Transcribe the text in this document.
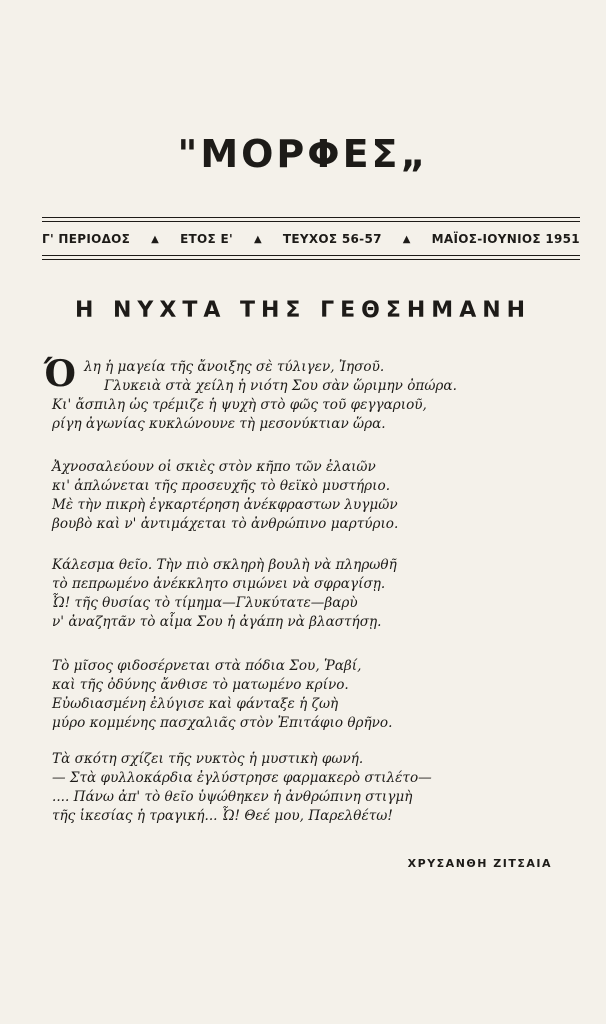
"ΜΟΡΦΕΣ„
Γ' ΠΕΡΙΟΔΟΣ ▲ ΕΤΟΣ Ε' ▲ ΤΕΥΧΟΣ 56-57 ▲ ΜΑΪΟΣ-ΙΟΥΝΙΟΣ 1951
Η ΝΥΧΤΑ ΤΗΣ ΓΕΘΣΗΜΑΝΗ
Ό λη ἡ μαγεία τῆς ἄνοιξης σὲ τύλιγεν, Ἰησοῦ.
Γλυκειὰ στὰ χείλη ἡ νιότη Σου σὰν ὥριμην ὀπώρα.
Κι' ἄσπιλη ὡς τρέμιζε ἡ ψυχὴ στὸ φῶς τοῦ φεγγαριοῦ,
ρίγη ἀγωνίας κυκλώνουνε τὴ μεσονύκτιαν ὥρα.
Ἀχνοσαλεύουν οἱ σκιὲς στὸν κῆπο τῶν ἐλαιῶν
κι' ἁπλώνεται τῆς προσευχῆς τὸ θεϊκὸ μυστήριο.
Μὲ τὴν πικρὴ ἐγκαρτέρηση ἀνέκφραστων λυγμῶν
βουβὸ καὶ ν' ἀντιμάχεται τὸ ἀνθρώπινο μαρτύριο.
Κάλεσμα θεῖο. Τὴν πιὸ σκληρὴ βουλὴ νὰ πληρωθῆ
τὸ πεπρωμένο ἀνέκκλητο σιμώνει νὰ σφραγίσῃ.
Ὦ! τῆς θυσίας τὸ τίμημα—Γλυκύτατε—βαρὺ
ν' ἀναζητᾶν τὸ αἷμα Σου ἡ ἀγάπη νὰ βλαστήσῃ.
Τὸ μῖσος φιδοσέρνεται στὰ πόδια Σου, Ῥαβί,
καὶ τῆς ὀδύνης ἄνθισε τὸ ματωμένο κρίνο.
Εὐωδιασμένη ἐλύγισε καὶ φάνταξε ἡ ζωὴ
μύρο κομμένης πασχαλιᾶς στὸν Ἐπιτάφιο θρῆνο.
Τὰ σκότη σχίζει τῆς νυκτὸς ἡ μυστικὴ φωνή.
— Στὰ φυλλοκάρδια ἐγλύστρησε φαρμακερὸ στιλέτο—
.... Πάνω ἀπ' τὸ θεῖο ὑψώθηκεν ἡ ἀνθρώπινη στιγμὴ
τῆς ἱκεσίας ἡ τραγική... Ὦ! Θεέ μου, Παρελθέτω!
ΧΡΥΣΑΝΘΗ ΖΙΤΣΑΙΑ
